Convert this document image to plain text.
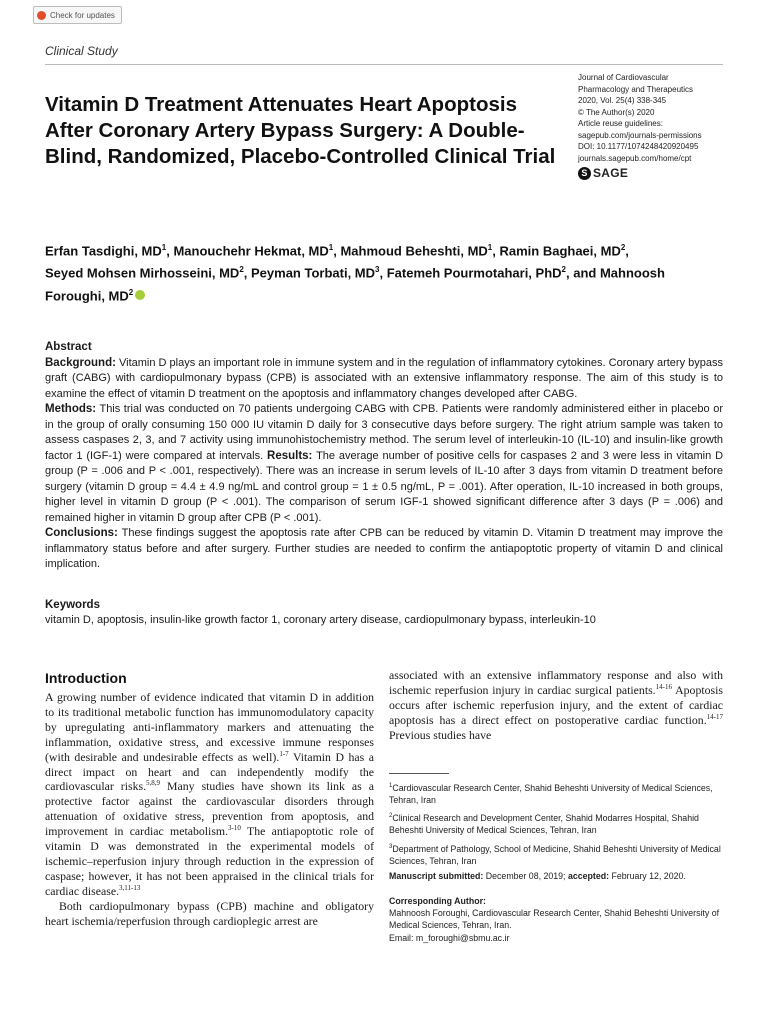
Check for updates
Clinical Study
Journal of Cardiovascular
Pharmacology and Therapeutics
2020, Vol. 25(4) 338-345
© The Author(s) 2020
Article reuse guidelines:
sagepub.com/journals-permissions
DOI: 10.1177/1074248420920495
journals.sagepub.com/home/cpt
S SAGE
Vitamin D Treatment Attenuates Heart Apoptosis After Coronary Artery Bypass Surgery: A Double-Blind, Randomized, Placebo-Controlled Clinical Trial
Erfan Tasdighi, $MD^1$, Manouchehr Hekmat, $MD^1$, Mahmoud Beheshti, $MD^1$, Ramin Baghaei, $MD^2$, Seyed Mohsen Mirhosseini, $MD^2$, Peyman Torbati, $MD^3$, Fatemeh Pourmotahari, PhD$^2$, and Mahnoosh Foroughi, $MD^2$
Abstract
Background: Vitamin D plays an important role in immune system and in the regulation of inflammatory cytokines. Coronary artery bypass graft (CABG) with cardiopulmonary bypass (CPB) is associated with an extensive inflammatory response. The aim of this study is to examine the effect of vitamin D treatment on the apoptosis and inflammatory changes developed after CABG.
Methods: This trial was conducted on 70 patients undergoing CABG with CPB. Patients were randomly administered either in placebo or in the group of orally consuming 150 000 IU vitamin D daily for 3 consecutive days before surgery. The right atrium sample was taken to assess caspases 2, 3, and 7 activity using immunohistochemistry method. The serum level of interleukin-10 (IL-10) and insulin-like growth factor 1 (IGF-1) were compared at intervals. Results: The average number of positive cells for caspases 2 and 3 were less in vitamin D group (P = .006 and P < .001, respectively). There was an increase in serum levels of IL-10 after 3 days from vitamin D treatment before surgery (vitamin D group = 4.4 ± 4.9 ng/mL and control group = 1 ± 0.5 ng/mL, P = .001). After operation, IL-10 increased in both groups, higher level in vitamin D group (P < .001). The comparison of serum IGF-1 showed significant difference after 3 days (P = .006) and remained higher in vitamin D group after CPB (P < .001).
Conclusions: These findings suggest the apoptosis rate after CPB can be reduced by vitamin D. Vitamin D treatment may improve the inflammatory status before and after surgery. Further studies are needed to confirm the antiapoptotic property of vitamin D and clinical implication.
Keywords
vitamin D, apoptosis, insulin-like growth factor 1, coronary artery disease, cardiopulmonary bypass, interleukin-10
Introduction

A growing number of evidence indicated that vitamin D in addition to its traditional metabolic function has immunomodulatory capacity by upregulating anti-inflammatory markers and attenuating the inflammation, oxidative stress, and excessive immune responses (with desirable and undesirable effects as well).$^{1-7}$ Vitamin D has a direct impact on heart and can independently modify the cardiovascular risks.$^{5,8,9}$ Many studies have shown its link as a protective factor against the cardiovascular disorders through attenuation of oxidative stress, prevention from apoptosis, and improvement in cardiac metabolism.$^{3-10}$ The antiapoptotic role of vitamin D was demonstrated in the experimental models of ischemic–reperfusion injury through reduction in the expression of caspase; however, it has not been appraised in the clinical trials for cardiac disease.$^{3,11-13}$

Both cardiopulmonary bypass (CPB) machine and obligatory heart ischemia/reperfusion through cardioplegic arrest are

associated with an extensive inflammatory response and also with ischemic reperfusion injury in cardiac surgical patients.$^{14-16}$ Apoptosis occurs after ischemic reperfusion injury, and the extent of cardiac apoptosis has a direct effect on postoperative cardiac function.$^{14-17}$ Previous studies have

$^1$Cardiovascular Research Center, Shahid Beheshti University of Medical Sciences, Tehran, Iran
$^2$Clinical Research and Development Center, Shahid Modarres Hospital, Shahid Beheshti University of Medical Sciences, Tehran, Iran
$^3$Department of Pathology, School of Medicine, Shahid Beheshti University of Medical Sciences, Tehran, Iran
Manuscript submitted: December 08, 2019; accepted: February 12, 2020.
Corresponding Author:
Mahnoosh Foroughi, Cardiovascular Research Center, Shahid Beheshti University of Medical Sciences, Tehran, Iran.
Email: m_foroughi@sbmu.ac.ir
